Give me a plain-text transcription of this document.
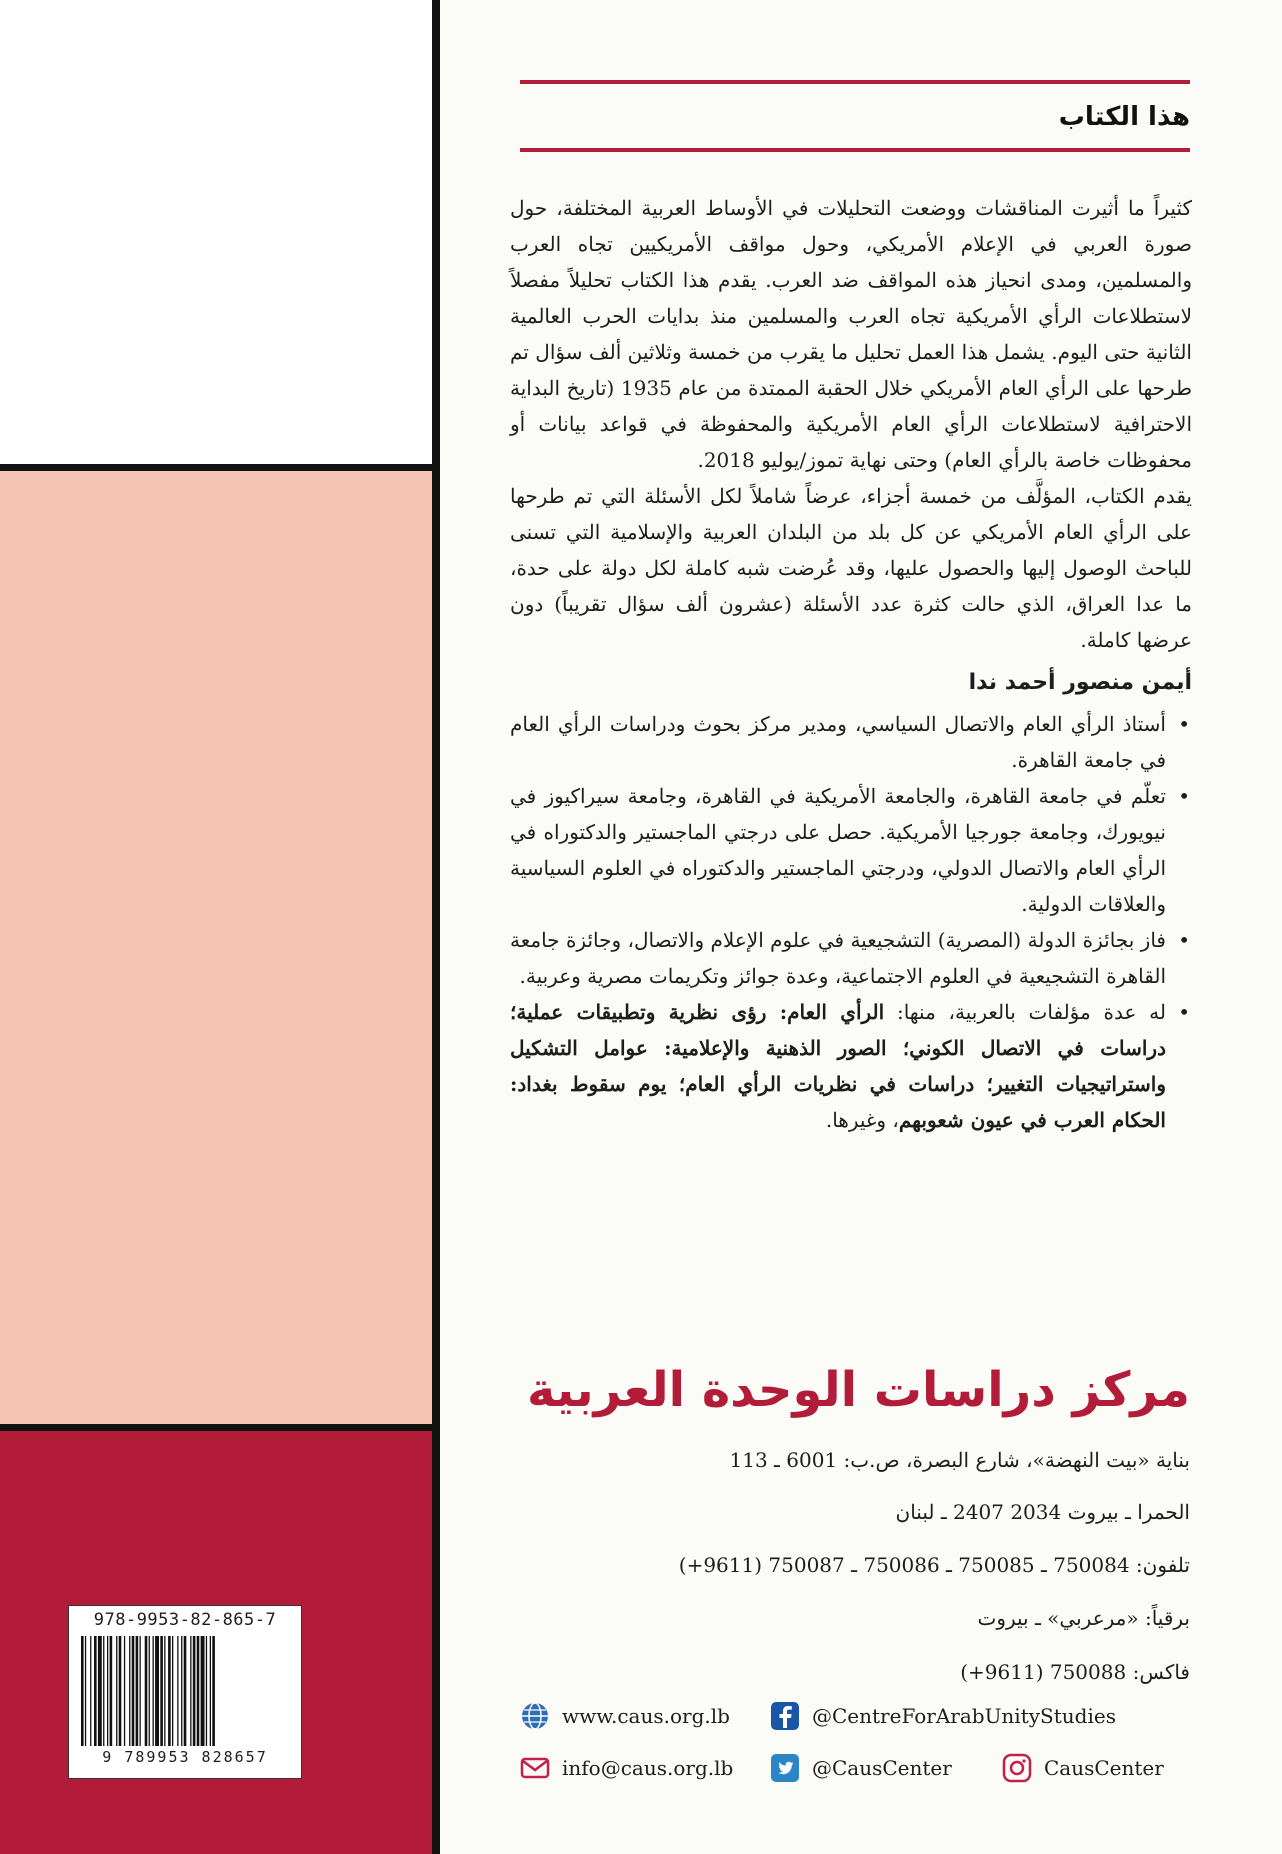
978-9953-82-865-7
9 789953 828657
هذا الكتاب

كثيراً ما أثيرت المناقشات ووضعت التحليلات في الأوساط العربية المختلفة، حول صورة العربي في الإعلام الأمريكي، وحول مواقف الأمريكيين تجاه العرب والمسلمين، ومدى انحياز هذه المواقف ضد العرب. يقدم هذا الكتاب تحليلاً مفصلاً لاستطلاعات الرأي الأمريكية تجاه العرب والمسلمين منذ بدايات الحرب العالمية الثانية حتى اليوم. يشمل هذا العمل تحليل ما يقرب من خمسة وثلاثين ألف سؤال تم طرحها على الرأي العام الأمريكي خلال الحقبة الممتدة من عام 1935 (تاريخ البداية الاحترافية لاستطلاعات الرأي العام الأمريكية والمحفوظة في قواعد بيانات أو محفوظات خاصة بالرأي العام) وحتى نهاية تموز/يوليو 2018.

يقدم الكتاب، المؤلَّف من خمسة أجزاء، عرضاً شاملاً لكل الأسئلة التي تم طرحها على الرأي العام الأمريكي عن كل بلد من البلدان العربية والإسلامية التي تسنى للباحث الوصول إليها والحصول عليها، وقد عُرضت شبه كاملة لكل دولة على حدة، ما عدا العراق، الذي حالت كثرة عدد الأسئلة (عشرون ألف سؤال تقريباً) دون عرضها كاملة.

أيمن منصور أحمد ندا

•
أستاذ الرأي العام والاتصال السياسي، ومدير مركز بحوث ودراسات الرأي العام في جامعة القاهرة.
•
تعلّم في جامعة القاهرة، والجامعة الأمريكية في القاهرة، وجامعة سيراكيوز في نيويورك، وجامعة جورجيا الأمريكية. حصل على درجتي الماجستير والدكتوراه في الرأي العام والاتصال الدولي، ودرجتي الماجستير والدكتوراه في العلوم السياسية والعلاقات الدولية.
•
فاز بجائزة الدولة (المصرية) التشجيعية في علوم الإعلام والاتصال، وجائزة جامعة القاهرة التشجيعية في العلوم الاجتماعية، وعدة جوائز وتكريمات مصرية وعربية.
•
له عدة مؤلفات بالعربية، منها: الرأي العام: رؤى نظرية وتطبيقات عملية؛ دراسات في الاتصال الكوني؛ الصور الذهنية والإعلامية: عوامل التشكيل واستراتيجيات التغيير؛ دراسات في نظريات الرأي العام؛ يوم سقوط بغداد: الحكام العرب في عيون شعوبهم، وغيرها.
مركز دراسات الوحدة العربية
بناية «بيت النهضة»، شارع البصرة، ص.ب: 6001 ـ 113
الحمرا ـ بيروت 2034 2407 ـ لبنان
تلفون: 750084 ـ 750085 ـ 750086 ـ 750087 (9611+)
برقياً: «مرعربي» ـ بيروت
فاكس: 750088 (9611+)
www.caus.org.lb	@CentreForArabUnityStudies
info@caus.org.lb	@CausCenter	CausCenter
